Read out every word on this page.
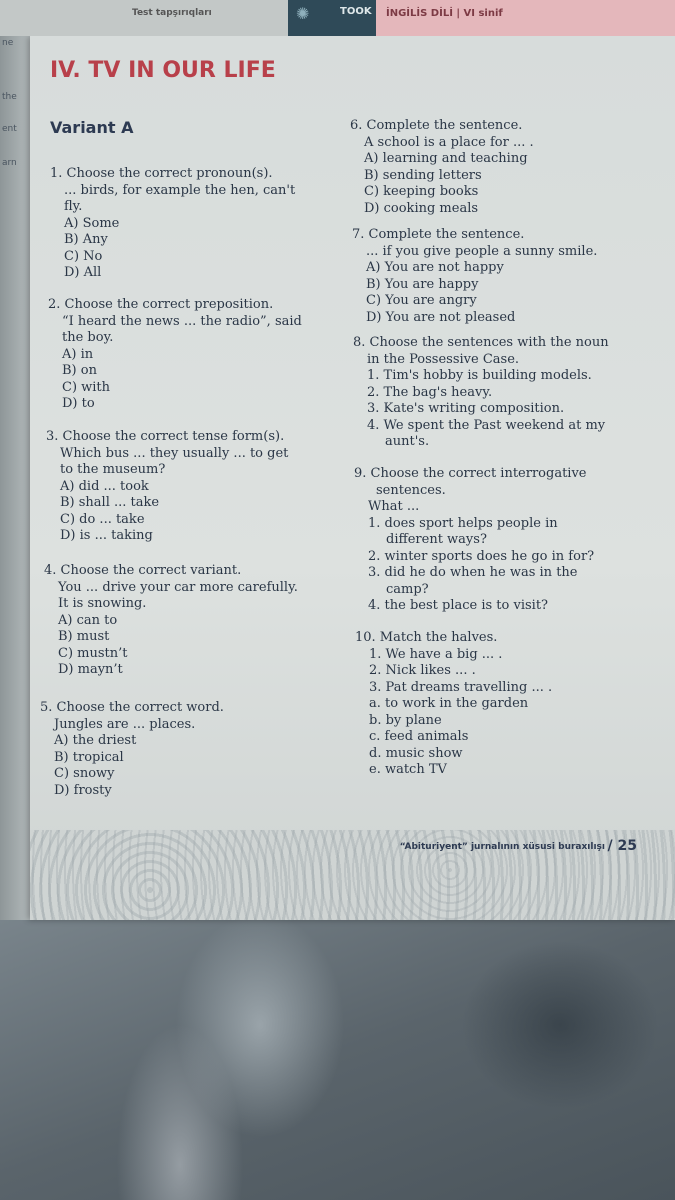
ne
the
ent
arn
Test tapşırıqları	✺	TOOK İNGİLİS DİLİ | VI sinif
IV. TV IN OUR LIFE
Variant A
1. Choose the correct pronoun(s).
... birds, for example the hen, can't
fly.
A) Some
B) Any
C) No
D) All
2. Choose the correct preposition.
“I heard the news ... the radio”, said
the boy.
A) in
B) on
C) with
D) to
3. Choose the correct tense form(s).
Which bus ... they usually ... to get
to the museum?
A) did ... took
B) shall ... take
C) do ... take
D) is ... taking
4. Choose the correct variant.
You ... drive your car more carefully.
It is snowing.
A) can to
B) must
C) mustn’t
D) mayn’t
5. Choose the correct word.
Jungles are ... places.
A) the driest
B) tropical
C) snowy
D) frosty
6. Complete the sentence.
A school is a place for ... .
A) learning and teaching
B) sending letters
C) keeping books
D) cooking meals
7. Complete the sentence.
... if you give people a sunny smile.
A) You are not happy
B) You are happy
C) You are angry
D) You are not pleased
8. Choose the sentences with the noun
in the Possessive Case.
1. Tim's hobby is building models.
2. The bag's heavy.
3. Kate's writing composition.
4. We spent the Past weekend at my
aunt's.
9. Choose the correct interrogative
sentences.
What ...
1. does sport helps people in
different ways?
2. winter sports does he go in for?
3. did he do when he was in the
camp?
4. the best place is to visit?
10. Match the halves.
1. We have a big ... .
2. Nick likes ... .
3. Pat dreams travelling ... .
a. to work in the garden
b. by plane
c. feed animals
d. music show
e. watch TV
“Abituriyent” jurnalının xüsusi buraxılışı / 25
